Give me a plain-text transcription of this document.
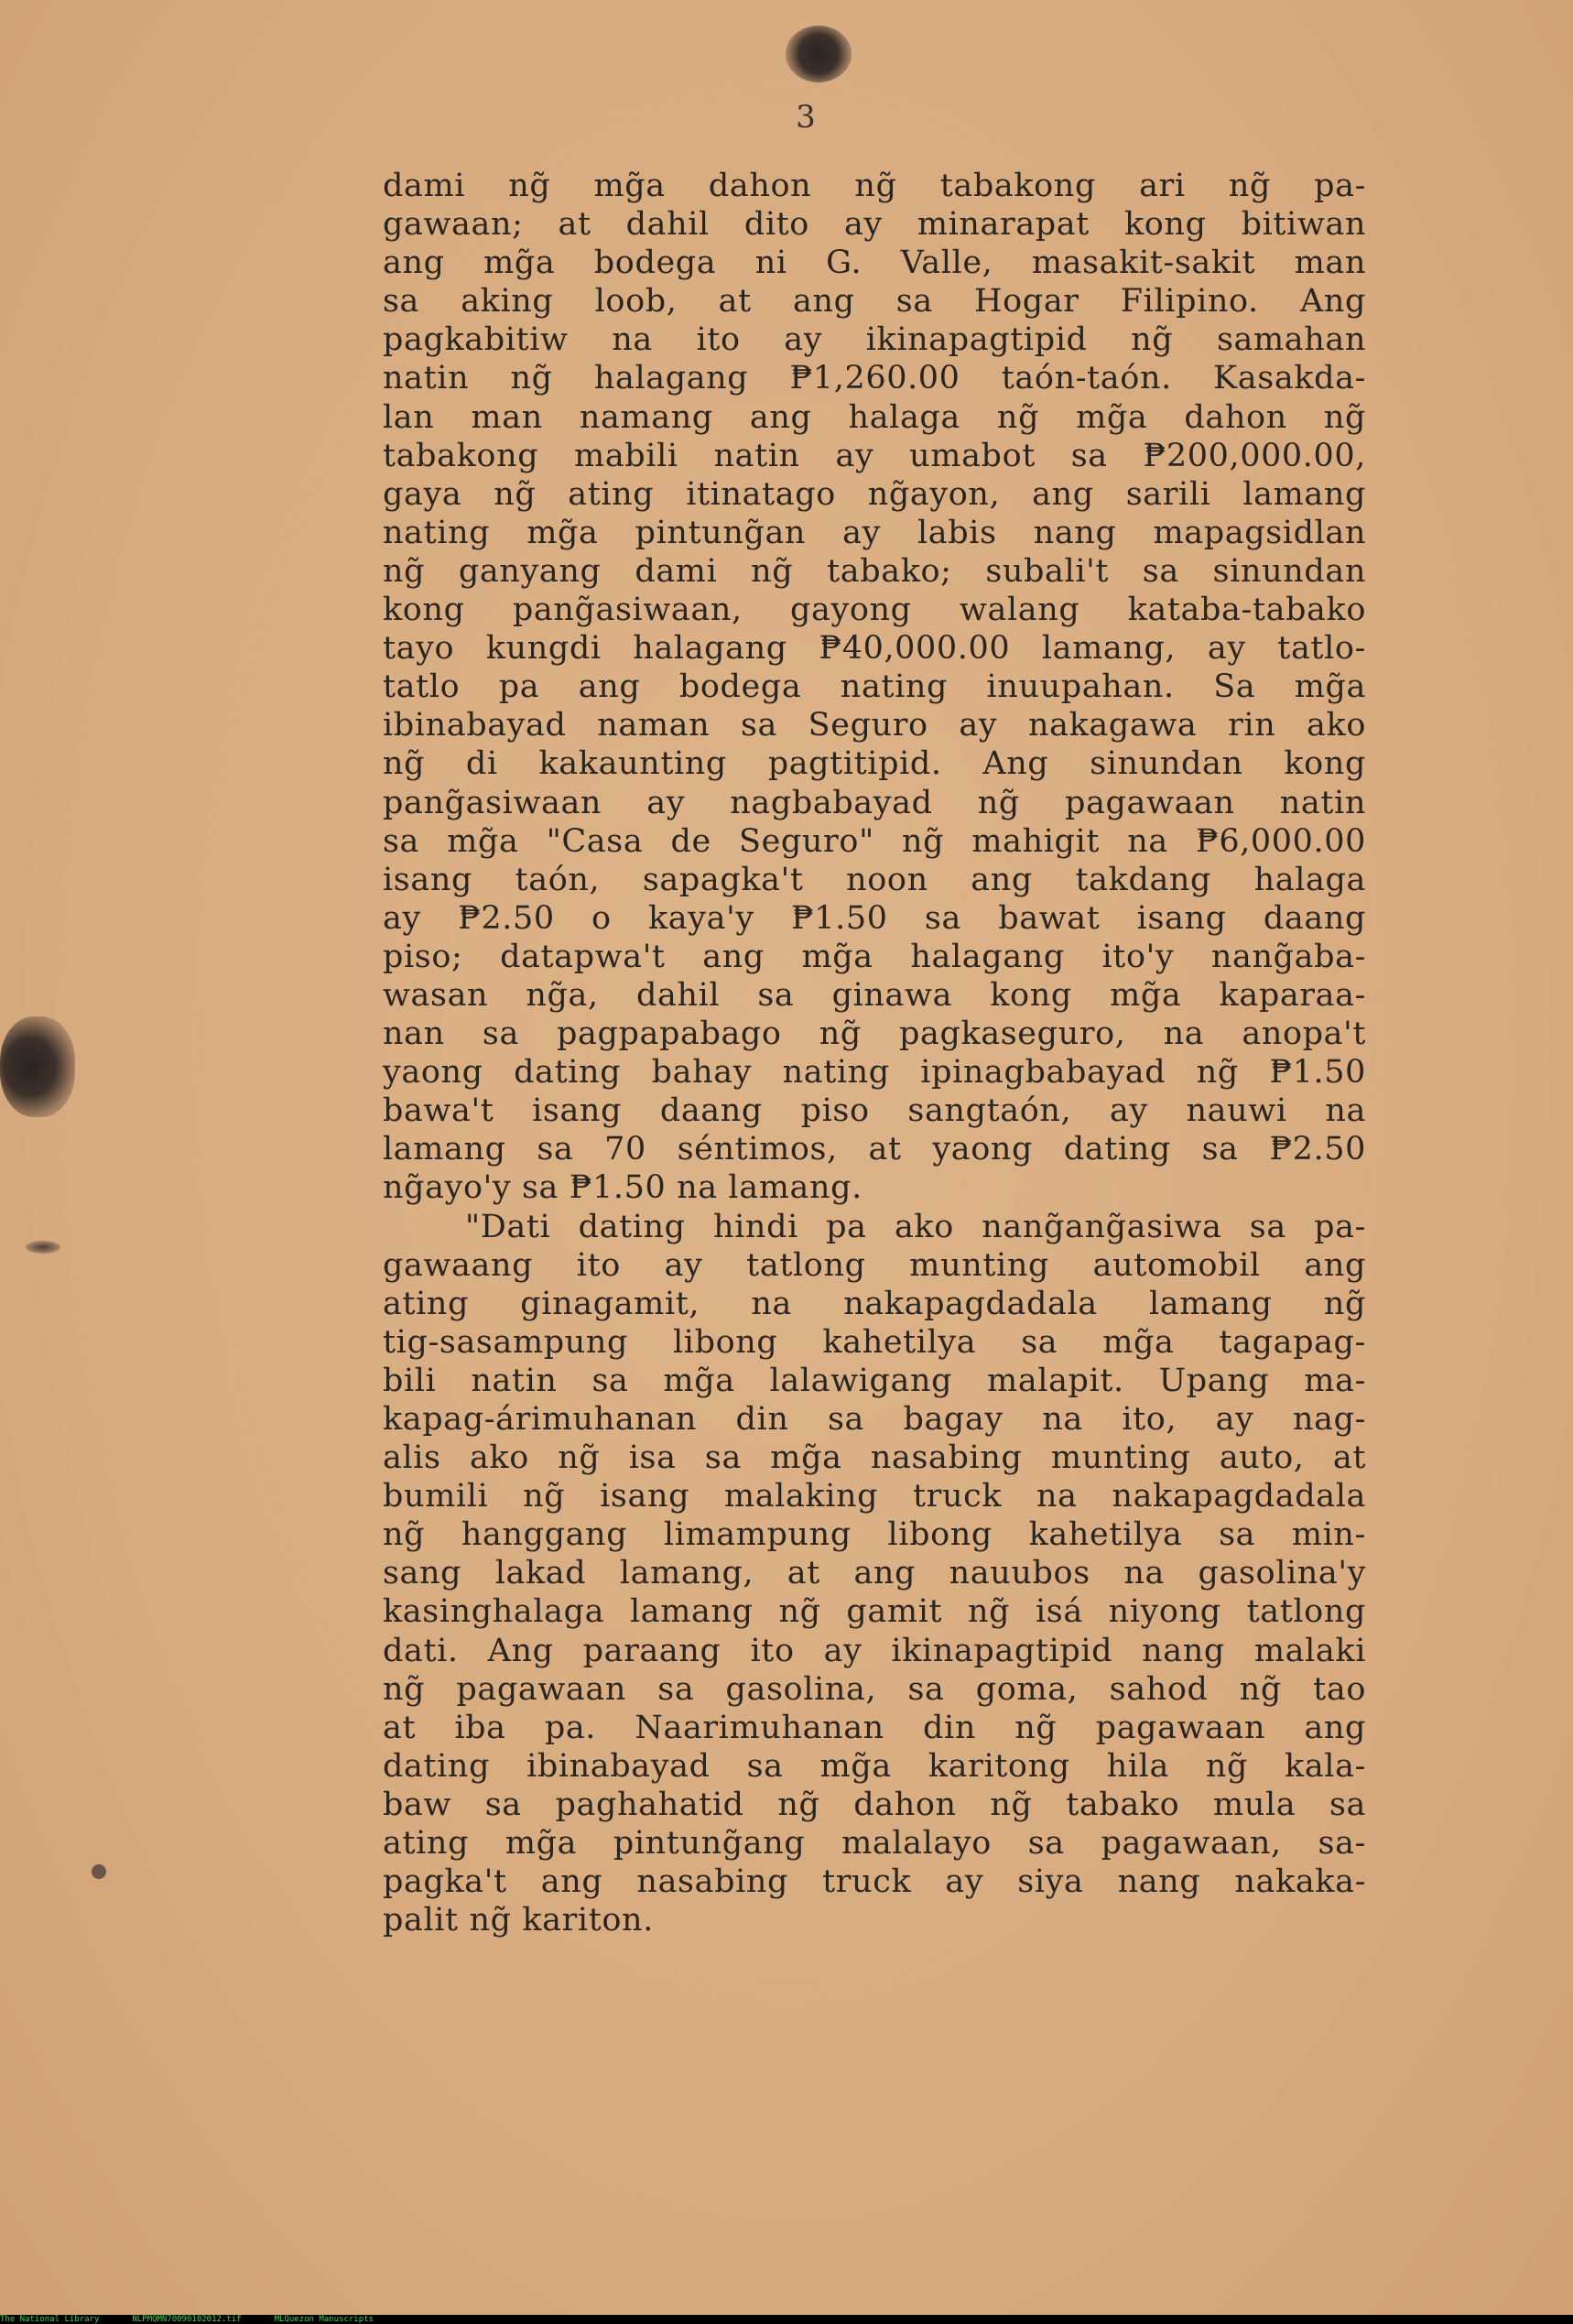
3
dami ng̃ mg̃a dahon ng̃ tabakong ari ng̃ pa-
gawaan; at dahil dito ay minarapat kong bitiwan
ang mg̃a bodega ni G. Valle, masakit-sakit man
sa aking loob, at ang sa Hogar Filipino. Ang
pagkabitiw na ito ay ikinapagtipid ng̃ samahan
natin ng̃ halagang ₱1,260.00 taón-taón. Kasakda-
lan man namang ang halaga ng̃ mg̃a dahon ng̃
tabakong mabili natin ay umabot sa ₱200,000.00,
gaya ng̃ ating itinatago ng̃ayon, ang sarili lamang
nating mg̃a pintung̃an ay labis nang mapagsidlan
ng̃ ganyang dami ng̃ tabako; subali't sa sinundan
kong pang̃asiwaan, gayong walang kataba-tabako
tayo kungdi halagang ₱40,000.00 lamang, ay tatlo-
tatlo pa ang bodega nating inuupahan. Sa mg̃a
ibinabayad naman sa Seguro ay nakagawa rin ako
ng̃ di kakaunting pagtitipid. Ang sinundan kong
pang̃asiwaan ay nagbabayad ng̃ pagawaan natin
sa mg̃a "Casa de Seguro" ng̃ mahigit na ₱6,000.00
isang taón, sapagka't noon ang takdang halaga
ay ₱2.50 o kaya'y ₱1.50 sa bawat isang daang
piso; datapwa't ang mg̃a halagang ito'y nang̃aba-
wasan ng̃a, dahil sa ginawa kong mg̃a kaparaa-
nan sa pagpapabago ng̃ pagkaseguro, na anopa't
yaong dating bahay nating ipinagbabayad ng̃ ₱1.50
bawa't isang daang piso sangtaón, ay nauwi na
lamang sa 70 séntimos, at yaong dating sa ₱2.50
ng̃ayo'y sa ₱1.50 na lamang.
"Dati dating hindi pa ako nang̃ang̃asiwa sa pa-
gawaang ito ay tatlong munting automobil ang
ating ginagamit, na nakapagdadala lamang ng̃
tig-sasampung libong kahetilya sa mg̃a tagapag-
bili natin sa mg̃a lalawigang malapit. Upang ma-
kapag-árimuhanan din sa bagay na ito, ay nag-
alis ako ng̃ isa sa mg̃a nasabing munting auto, at
bumili ng̃ isang malaking truck na nakapagdadala
ng̃ hanggang limampung libong kahetilya sa min-
sang lakad lamang, at ang nauubos na gasolina'y
kasinghalaga lamang ng̃ gamit ng̃ isá niyong tatlong
dati. Ang paraang ito ay ikinapagtipid nang malaki
ng̃ pagawaan sa gasolina, sa goma, sahod ng̃ tao
at iba pa. Naarimuhanan din ng̃ pagawaan ang
dating ibinabayad sa mg̃a karitong hila ng̃ kala-
baw sa paghahatid ng̃ dahon ng̃ tabako mula sa
ating mg̃a pintung̃ang malalayo sa pagawaan, sa-
pagka't ang nasabing truck ay siya nang nakaka-
palit ng̃ kariton.
The National Library	NLPMQMN70090102012.tif	MLQuezon Manuscripts
